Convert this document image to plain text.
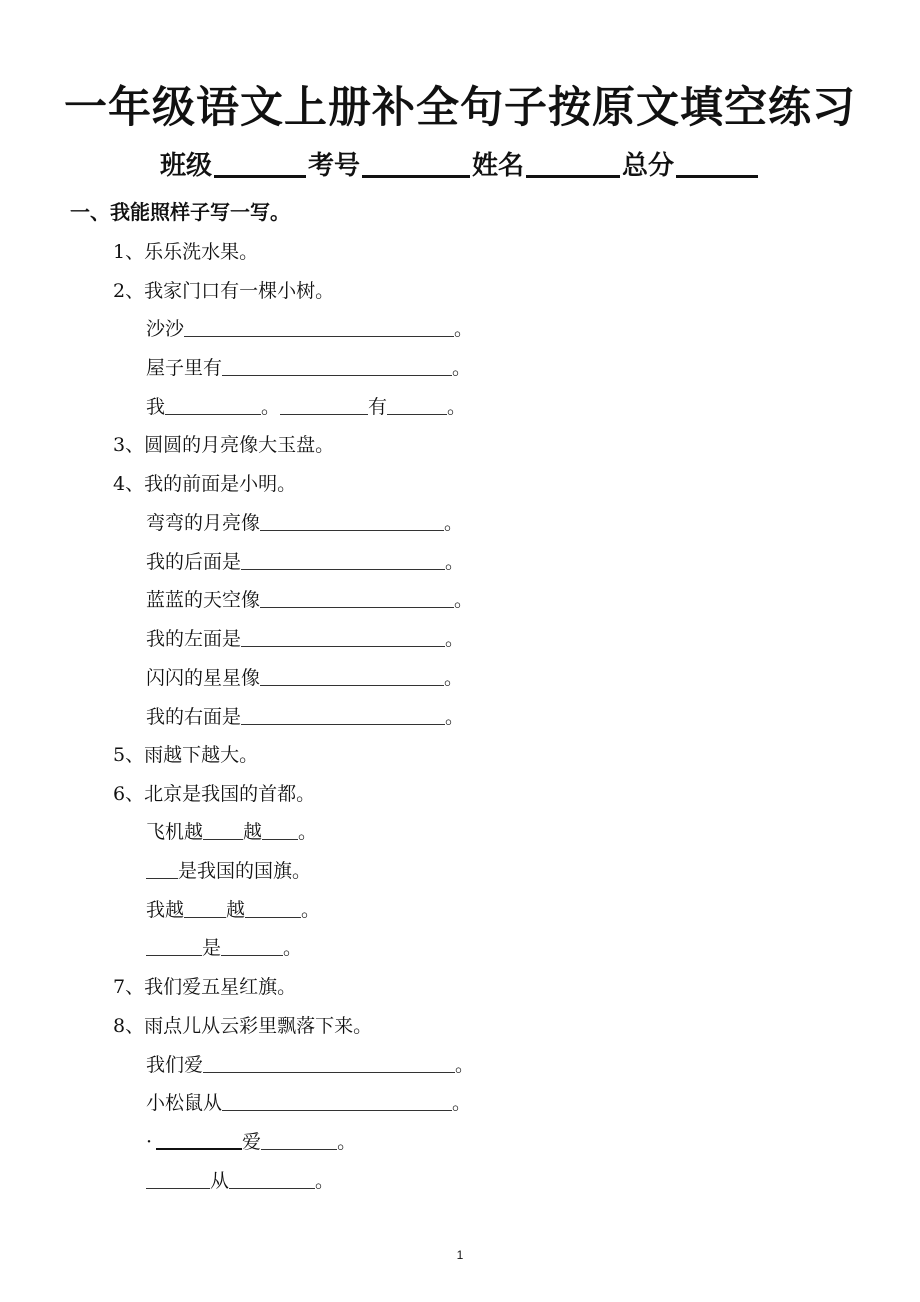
一年级语文上册补全句子按原文填空练习
班级	考号	姓名	总分
一、我能照样子写一写。
1、乐乐洗水果。
2、我家门口有一棵小树。
沙沙	。
屋子里有	。
我	。	有	。
3、圆圆的月亮像大玉盘。
4、我的前面是小明。
弯弯的月亮像	。
我的后面是	。
蓝蓝的天空像	。
我的左面是	。
闪闪的星星像	。
我的右面是	。
5、雨越下越大。
6、北京是我国的首都。
飞机越 越 。
是我国的国旗。
我越 越	。
是	。
7、我们爱五星红旗。
8、雨点儿从云彩里飘落下来。
我们爱	。
小松鼠从	。
·	爱	。
从	。
1
